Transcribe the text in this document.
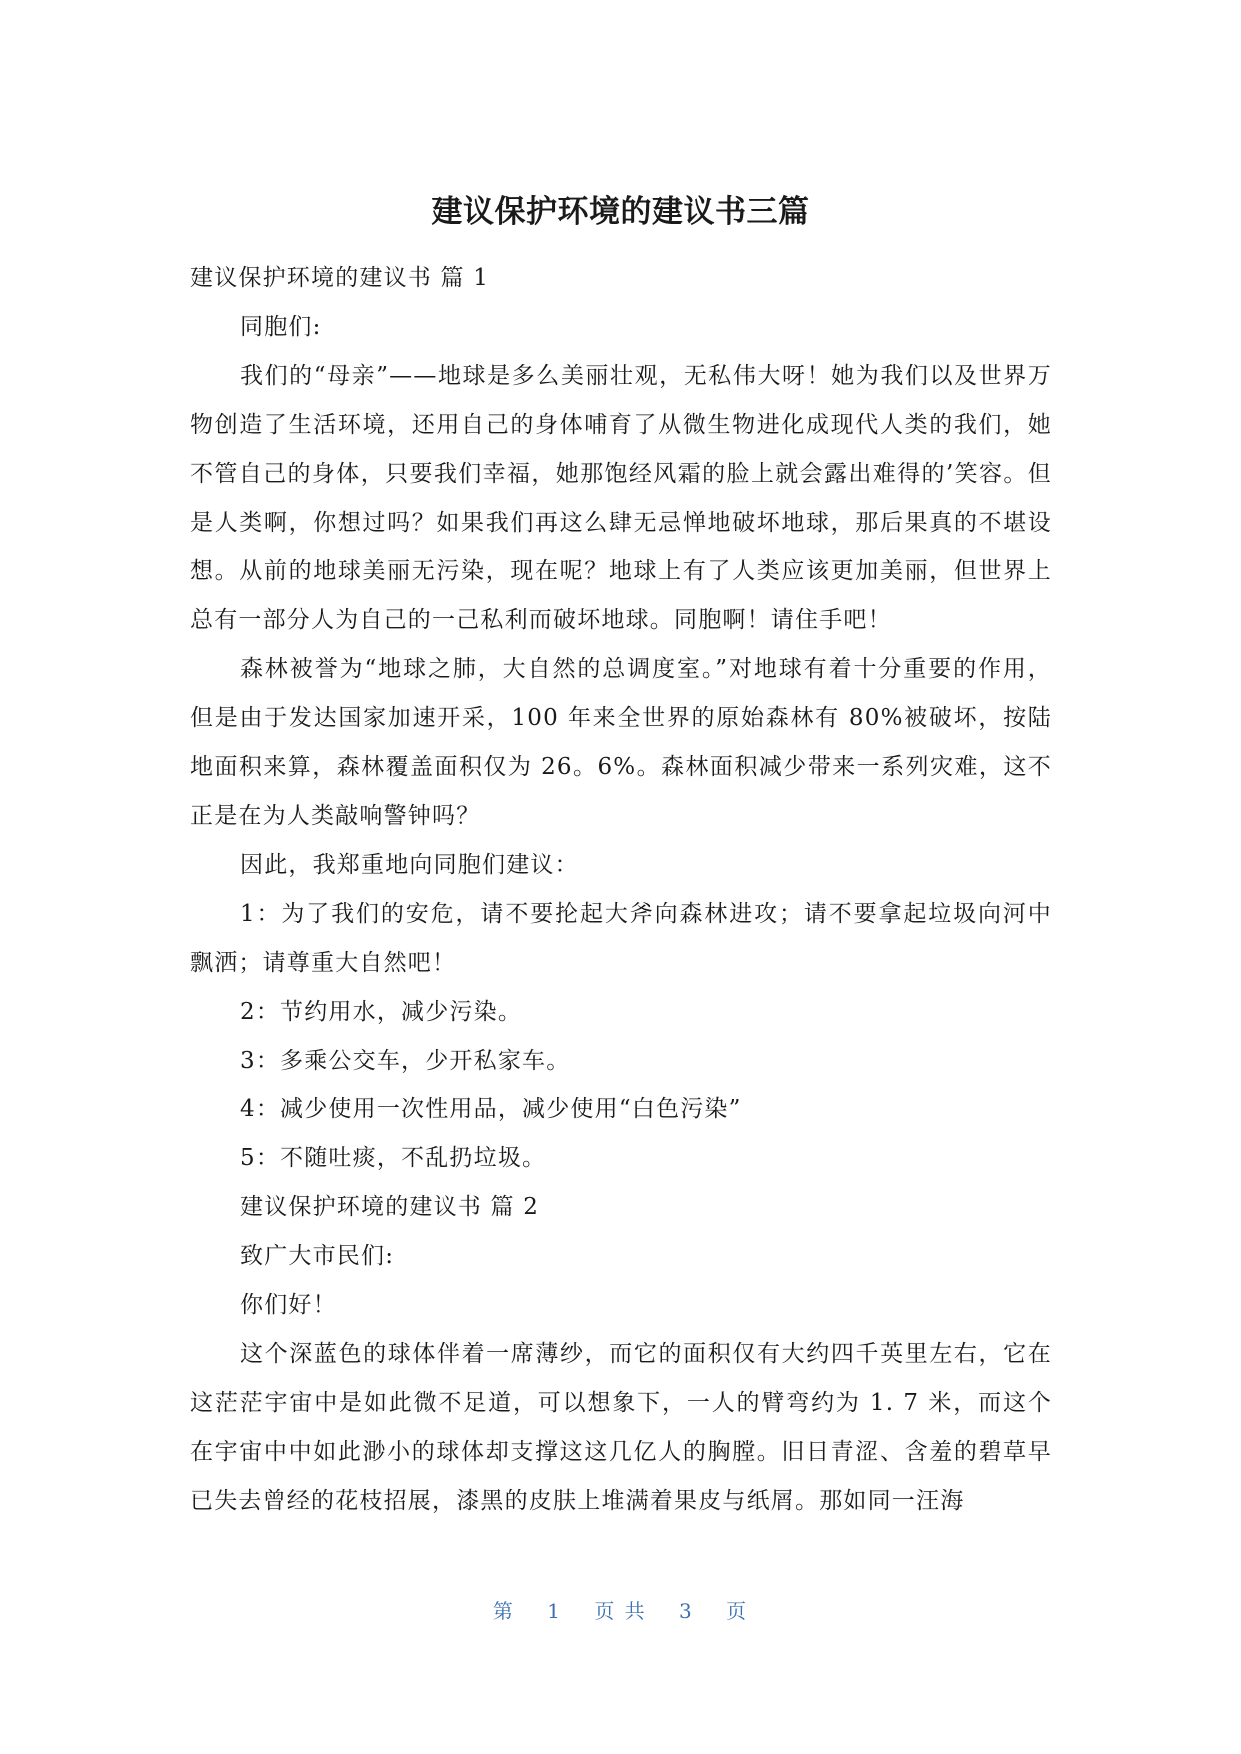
建议保护环境的建议书三篇

建议保护环境的建议书 篇 1

同胞们:

我们的“母亲”——地球是多么美丽壮观，无私伟大呀！她为我们以及世界万物创造了生活环境，还用自己的身体哺育了从微生物进化成现代人类的我们，她不管自己的身体，只要我们幸福，她那饱经风霜的脸上就会露出难得的’笑容。但是人类啊，你想过吗？如果我们再这么肆无忌惮地破坏地球，那后果真的不堪设想。从前的地球美丽无污染，现在呢？地球上有了人类应该更加美丽，但世界上总有一部分人为自己的一己私利而破坏地球。同胞啊！请住手吧！

森林被誉为“地球之肺，大自然的总调度室。”对地球有着十分重要的作用，但是由于发达国家加速开采，100 年来全世界的原始森林有 80%被破坏，按陆地面积来算，森林覆盖面积仅为 26。6%。森林面积减少带来一系列灾难，这不正是在为人类敲响警钟吗？

因此，我郑重地向同胞们建议：

1：为了我们的安危，请不要抡起大斧向森林进攻；请不要拿起垃圾向河中飘洒；请尊重大自然吧！

2：节约用水，减少污染。

3：多乘公交车，少开私家车。

4：减少使用一次性用品，减少使用“白色污染”

5：不随吐痰，不乱扔垃圾。

建议保护环境的建议书 篇 2

致广大市民们:

你们好！

这个深蓝色的球体伴着一席薄纱，而它的面积仅有大约四千英里左右，它在这茫茫宇宙中是如此微不足道，可以想象下，一人的臂弯约为 1. 7 米，而这个在宇宙中中如此渺小的球体却支撑这这几亿人的胸膛。旧日青涩、含羞的碧草早已失去曾经的花枝招展，漆黑的皮肤上堆满着果皮与纸屑。那如同一汪海

第 1 页 共 3 页
